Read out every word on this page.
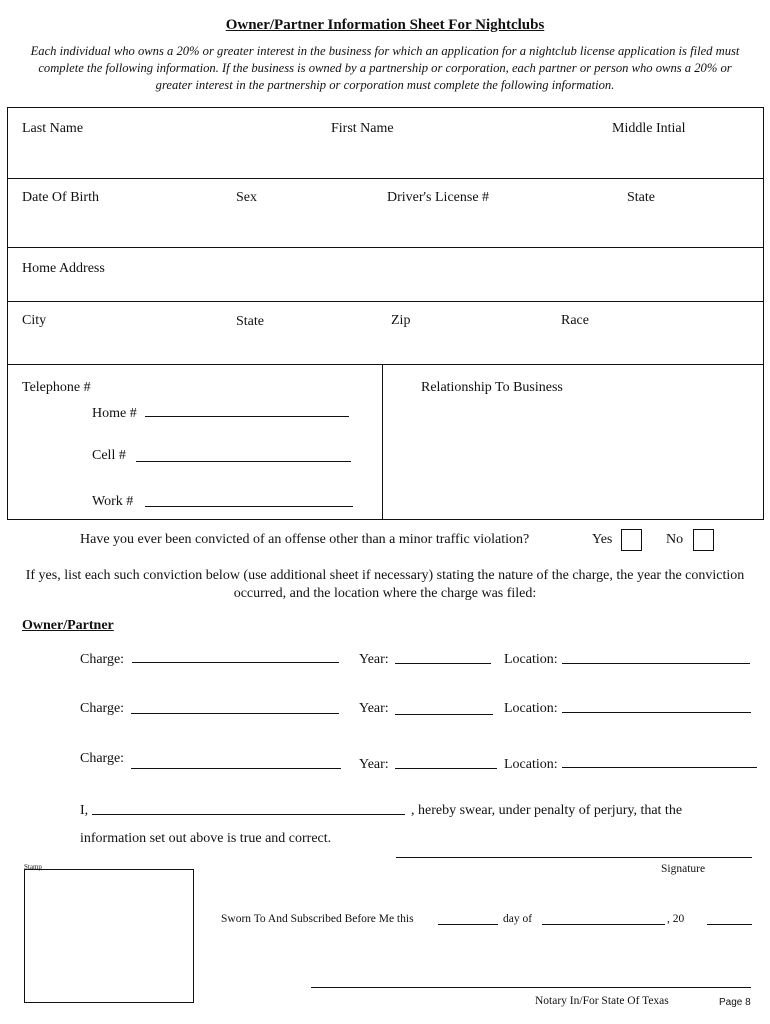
Owner/Partner Information Sheet For Nightclubs
Each individual who owns a 20% or greater interest in the business for which an application for a nightclub license application is filed must complete the following information. If the business is owned by a partnership or corporation, each partner or person who owns a 20% or greater interest in the partnership or corporation must complete the following information.
Last Name	First Name	Middle Intial
Date Of Birth	Sex	Driver's License #	State
Home Address
City	State	Zip	Race
Telephone #
Home #
Cell #
Work #
Relationship To Business
Have you ever been convicted of an offense other than a minor traffic violation?	Yes	No
If yes, list each such conviction below (use additional sheet if necessary) stating the nature of the charge, the year the conviction occurred, and the location where the charge was filed:
Owner/Partner
Charge:	Year:	Location:
Charge:	Year:	Location:
Charge:	Year:	Location:
I,	, hereby swear, under penalty of perjury, that the
information set out above is true and correct.
Signature
Stamp
Sworn To And Subscribed Before Me this	day of	, 20
Notary In/For State Of Texas	Page 8
